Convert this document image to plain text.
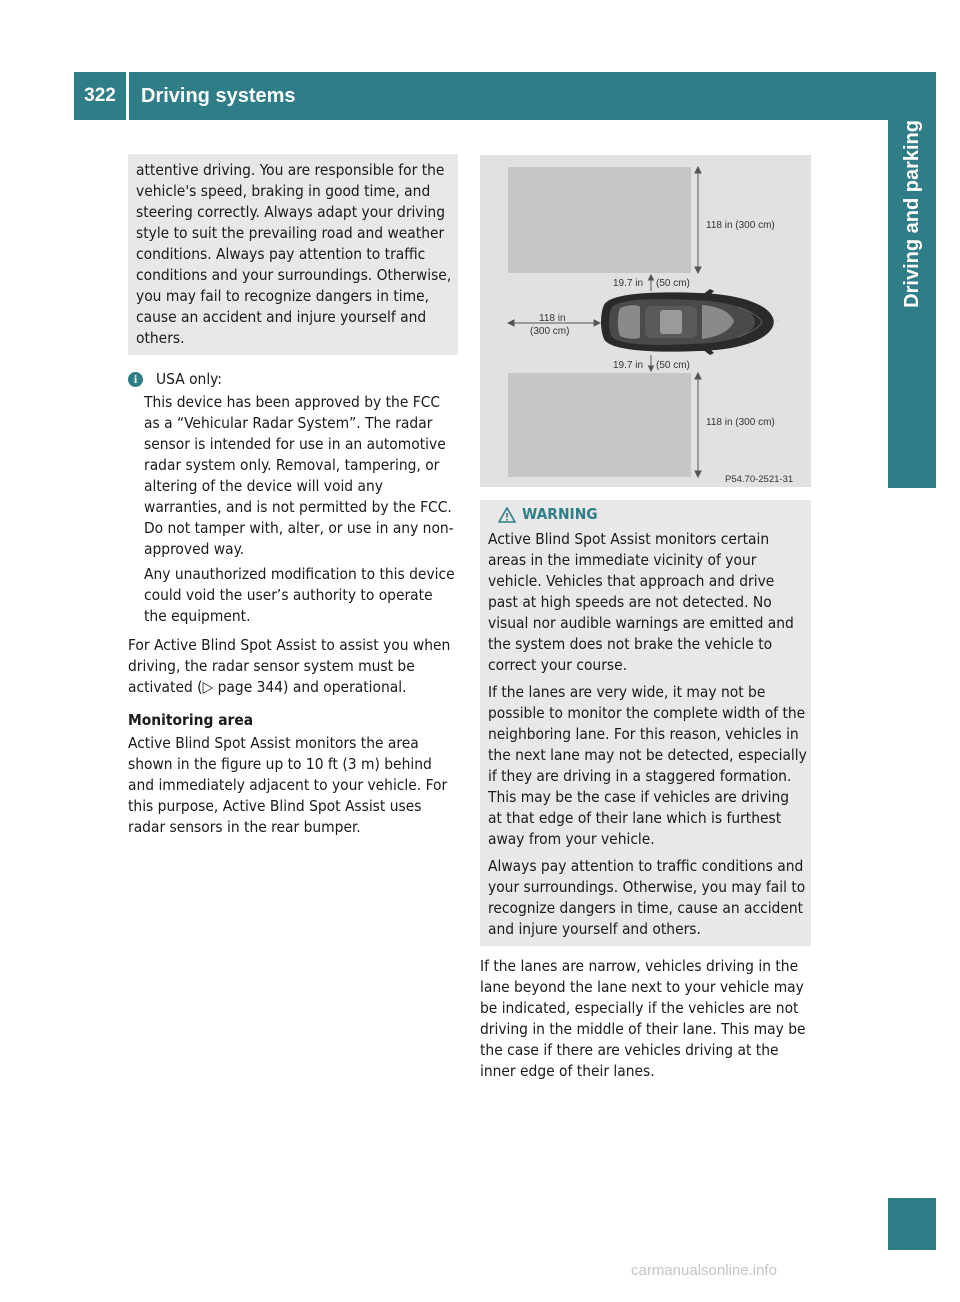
322	Driving systems
Driving and parking

attentive driving. You are responsible for the vehicle's speed, braking in good time, and steering correctly. Always adapt your driving style to suit the prevailing road and weather conditions. Always pay attention to traffic conditions and your surroundings. Otherwise, you may fail to recognize dangers in time, cause an accident and injure yourself and others.

i	USA only:

This device has been approved by the FCC as a “Vehicular Radar System”. The radar sensor is intended for use in an automotive radar system only. Removal, tampering, or altering of the device will void any warranties, and is not permitted by the FCC. Do not tamper with, alter, or use in any non-approved way.

Any unauthorized modification to this device could void the user’s authority to operate the equipment.

For Active Blind Spot Assist to assist you when driving, the radar sensor system must be activated (▷ page 344) and operational.

Monitoring area

Active Blind Spot Assist monitors the area shown in the figure up to 10 ft (3 m) behind and immediately adjacent to your vehicle. For this purpose, Active Blind Spot Assist uses radar sensors in the rear bumper.

118 in (300 cm)
19.7 in (50 cm)
118 in
(300 cm)
19.7 in (50 cm)
118 in (300 cm)
P54.70-2521-31
WARNING

Active Blind Spot Assist monitors certain areas in the immediate vicinity of your vehicle. Vehicles that approach and drive past at high speeds are not detected. No visual nor audible warnings are emitted and the system does not brake the vehicle to correct your course.

If the lanes are very wide, it may not be possible to monitor the complete width of the neighboring lane. For this reason, vehicles in the next lane may not be detected, especially if they are driving in a staggered formation. This may be the case if vehicles are driving at that edge of their lane which is furthest away from your vehicle.

Always pay attention to traffic conditions and your surroundings. Otherwise, you may fail to recognize dangers in time, cause an accident and injure yourself and others.

If the lanes are narrow, vehicles driving in the lane beyond the lane next to your vehicle may be indicated, especially if the vehicles are not driving in the middle of their lane. This may be the case if there are vehicles driving at the inner edge of their lanes.

carmanualsonline.info
